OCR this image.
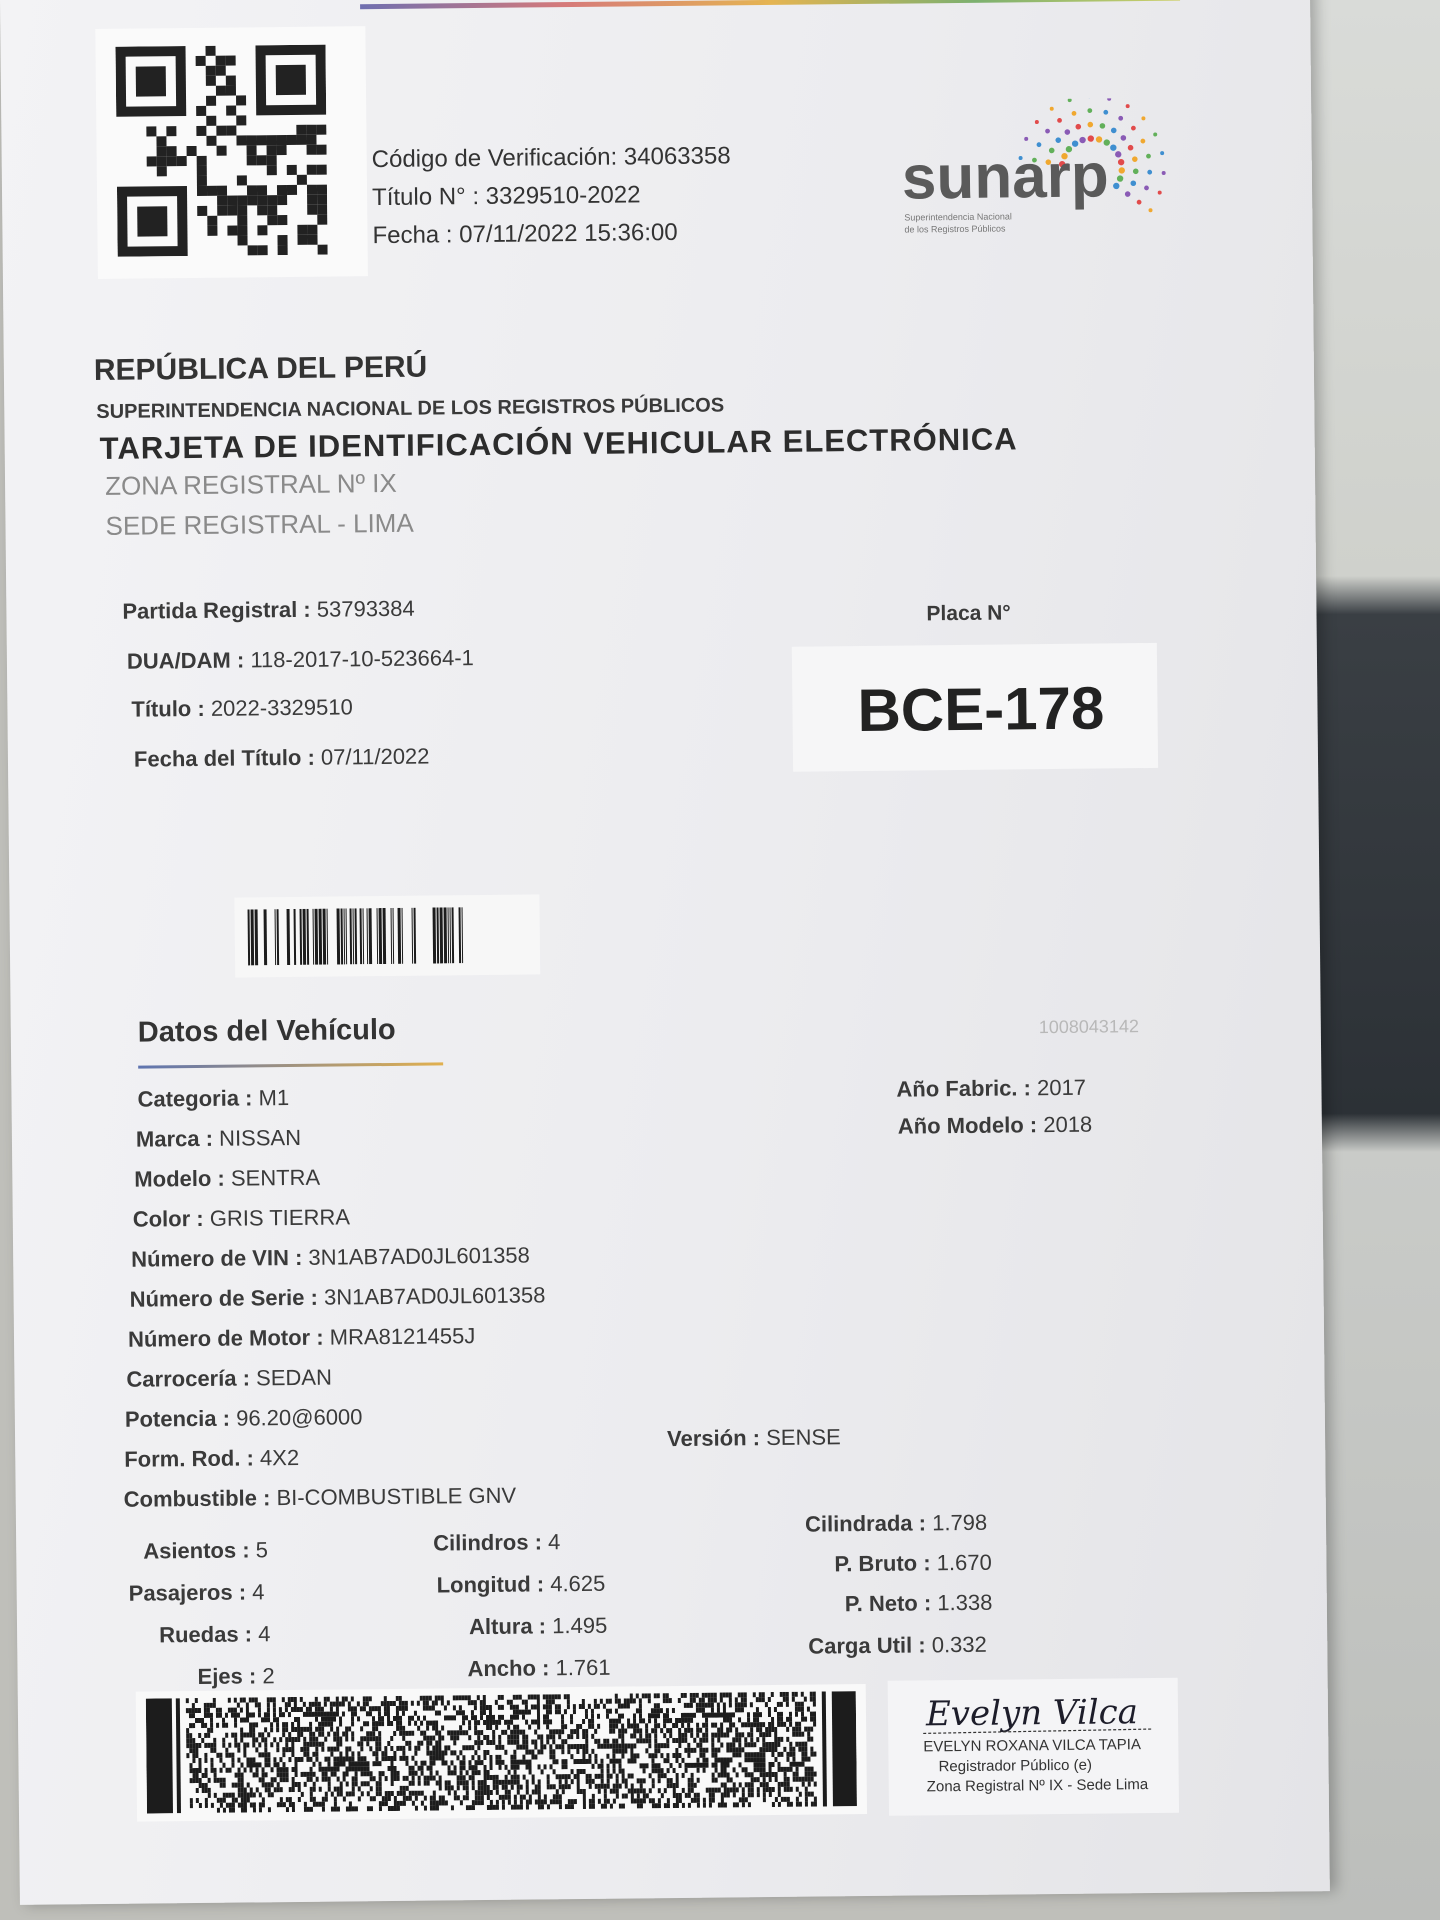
Código de Verificación: 34063358
Título N° : 3329510-2022
Fecha : 07/11/2022 15:36:00
sunarp
Superintendencia Nacional
de los Registros Públicos
REPÚBLICA DEL PERÚ
SUPERINTENDENCIA NACIONAL DE LOS REGISTROS PÚBLICOS
TARJETA DE IDENTIFICACIÓN VEHICULAR ELECTRÓNICA
ZONA REGISTRAL Nº IX
SEDE REGISTRAL - LIMA
Partida Registral : 53793384
DUA/DAM : 118-2017-10-523664-1
Título : 2022-3329510
Fecha del Título : 07/11/2022
Placa N°
BCE-178
Datos del Vehículo	1008043142
Categoria : M1
Marca : NISSAN
Modelo : SENTRA
Color : GRIS TIERRA
Número de VIN : 3N1AB7AD0JL601358
Número de Serie : 3N1AB7AD0JL601358
Número de Motor : MRA8121455J
Carrocería : SEDAN
Potencia : 96.20@6000
Form. Rod. : 4X2
Combustible : BI-COMBUSTIBLE GNV
Versión : SENSE
Año Fabric. : 2017
Año Modelo : 2018
Asientos : 5
Pasajeros : 4
Ruedas : 4
Ejes : 2
Cilindros : 4
Longitud : 4.625
Altura : 1.495
Ancho : 1.761
Cilindrada : 1.798
P. Bruto : 1.670
P. Neto : 1.338
Carga Util : 0.332
Evelyn Vilca
EVELYN ROXANA VILCA TAPIA
Registrador Público (e)
Zona Registral Nº IX - Sede Lima
